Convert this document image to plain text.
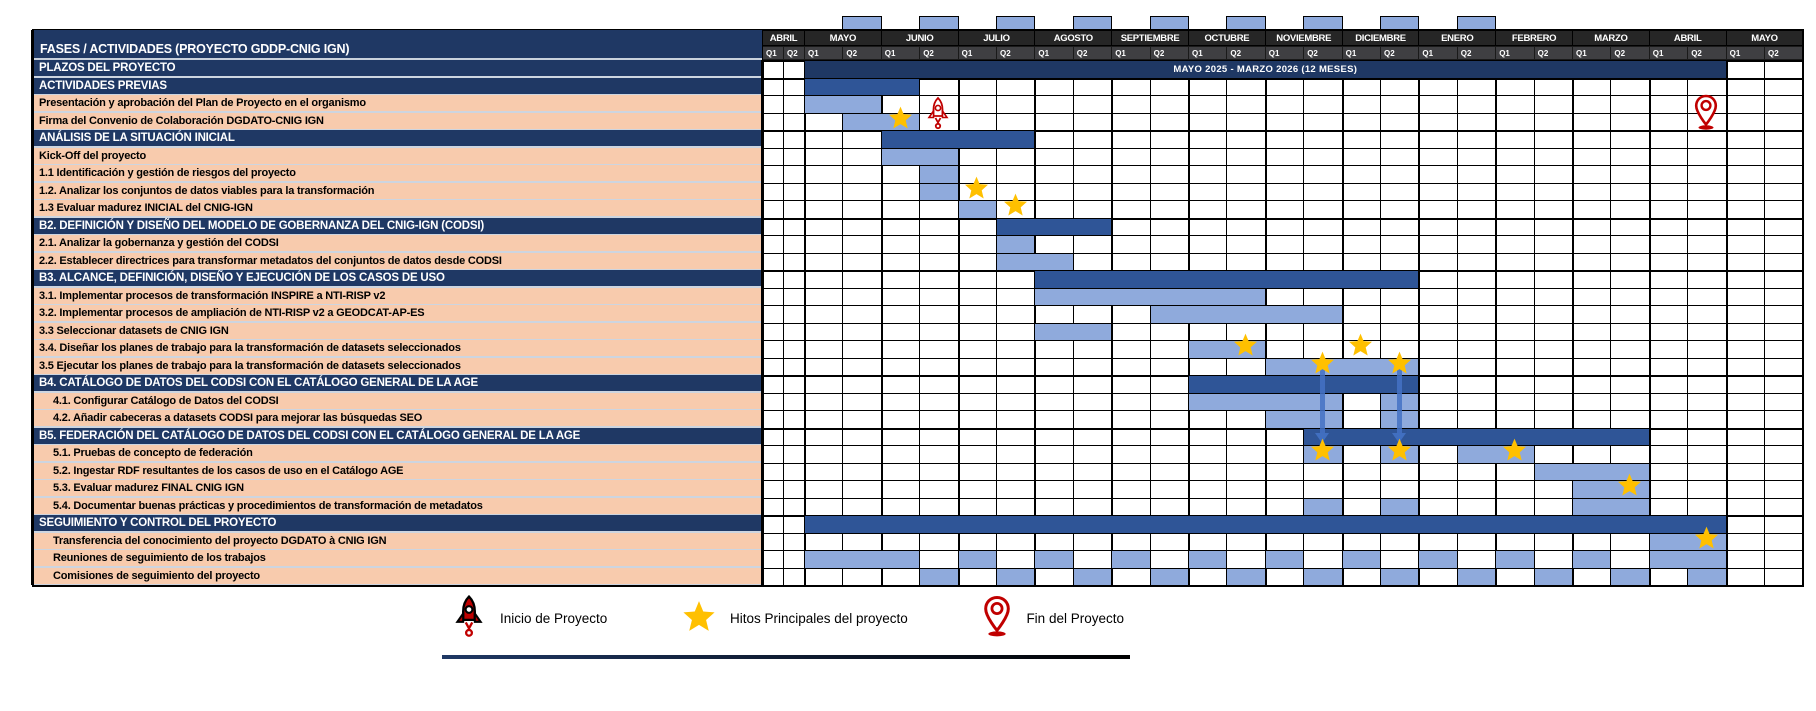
ABRIL	MAYO	JUNIO	JULIO	AGOSTO	SEPTIEMBRE	OCTUBRE	NOVIEMBRE	DICIEMBRE	ENERO	FEBRERO	MARZO	ABRIL	MAYO
Q1	Q2	Q1	Q2	Q1	Q2	Q1	Q2	Q1	Q2	Q1	Q2	Q1	Q2	Q1	Q2	Q1	Q2	Q1	Q2	Q1	Q2	Q1	Q2	Q1	Q2	Q1	Q2
PLAZOS DEL PROYECTO	MAYO 2025 - MARZO 2026 (12 MESES)
ACTIVIDADES PREVIAS
Presentación y aprobación del Plan de Proyecto en el organismo
Firma del Convenio de Colaboración DGDATO-CNIG IGN
ANÁLISIS DE LA SITUACIÓN INICIAL
Kick-Off del proyecto
1.1 Identificación y gestión de riesgos del proyecto
1.2. Analizar los conjuntos de datos viables para la transformación
1.3 Evaluar madurez INICIAL del CNIG-IGN
B2. DEFINICIÓN Y DISEÑO DEL MODELO DE GOBERNANZA DEL CNIG-IGN (CODSI)
2.1. Analizar la gobernanza y gestión del CODSI
2.2. Establecer directrices para transformar metadatos del conjuntos de datos desde CODSI
B3. ALCANCE, DEFINICIÓN, DISEÑO Y EJECUCIÓN DE LOS CASOS DE USO
3.1. Implementar procesos de transformación INSPIRE a NTI-RISP v2
3.2. Implementar procesos de ampliación de NTI-RISP v2 a GEODCAT-AP-ES
3.3 Seleccionar datasets de CNIG IGN
3.4. Diseñar los planes de trabajo para la transformación de datasets seleccionados
3.5 Ejecutar los planes de trabajo para la transformación de datasets seleccionados
B4. CATÁLOGO DE DATOS DEL CODSI CON EL CATÁLOGO GENERAL DE LA AGE
4.1. Configurar Catálogo de Datos del CODSI
4.2. Añadir cabeceras a datasets CODSI para mejorar las búsquedas SEO
B5. FEDERACIÓN DEL CATÁLOGO DE DATOS DEL CODSI CON EL CATÁLOGO GENERAL DE LA AGE
5.1. Pruebas de concepto de federación
5.2. Ingestar RDF resultantes de los casos de uso en el Catálogo AGE
5.3. Evaluar madurez FINAL CNIG IGN
5.4. Documentar buenas prácticas y procedimientos de transformación de metadatos
SEGUIMIENTO Y CONTROL DEL PROYECTO
Transferencia del conocimiento del proyecto DGDATO à CNIG IGN
Reuniones de seguimiento de los trabajos
Comisiones de seguimiento del proyecto
FASES / ACTIVIDADES (PROYECTO GDDP-CNIG IGN)
Inicio de Proyecto	Hitos Principales del proyecto	Fin del Proyecto
